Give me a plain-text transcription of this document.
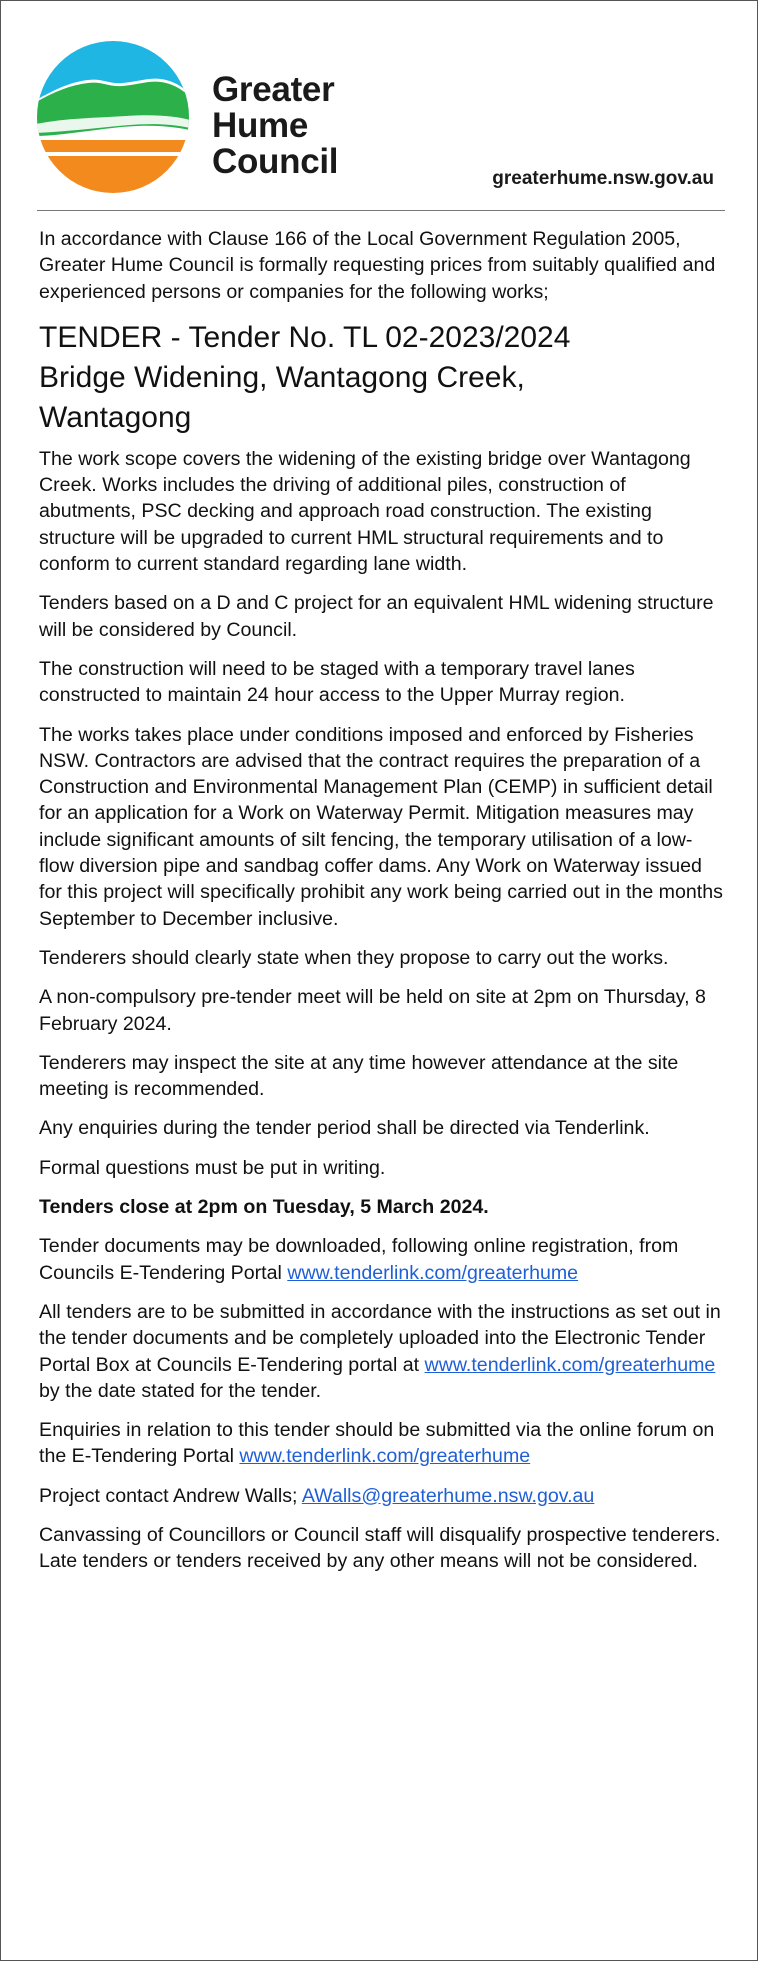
Greater
Hume
Council	greaterhume.nsw.gov.au

In accordance with Clause 166 of the Local Government Regulation 2005, Greater Hume Council is formally requesting prices from suitably qualified and experienced persons or companies for the following works;

TENDER - Tender No. TL 02-2023/2024
Bridge Widening, Wantagong Creek,
Wantagong

The work scope covers the widening of the existing bridge over Wantagong Creek. Works includes the driving of additional piles, construction of abutments, PSC decking and approach road construction. The existing structure will be upgraded to current HML structural requirements and to conform to current standard regarding lane width.

Tenders based on a D and C project for an equivalent HML widening structure will be considered by Council.

The construction will need to be staged with a temporary travel lanes constructed to maintain 24 hour access to the Upper Murray region.

The works takes place under conditions imposed and enforced by Fisheries NSW. Contractors are advised that the contract requires the preparation of a Construction and Environmental Management Plan (CEMP) in sufficient detail for an application for a Work on Waterway Permit. Mitigation measures may include significant amounts of silt fencing, the temporary utilisation of a low-flow diversion pipe and sandbag coffer dams. Any Work on Waterway issued for this project will specifically prohibit any work being carried out in the months September to December inclusive.

Tenderers should clearly state when they propose to carry out the works.

A non-compulsory pre-tender meet will be held on site at 2pm on Thursday, 8 February 2024.

Tenderers may inspect the site at any time however attendance at the site meeting is recommended.

Any enquiries during the tender period shall be directed via Tenderlink.

Formal questions must be put in writing.

Tenders close at 2pm on Tuesday, 5 March 2024.

Tender documents may be downloaded, following online registration, from Councils E-Tendering Portal www.tenderlink.com/greaterhume

All tenders are to be submitted in accordance with the instructions as set out in the tender documents and be completely uploaded into the Electronic Tender Portal Box at Councils E-Tendering portal at www.tenderlink.com/greaterhume by the date stated for the tender.

Enquiries in relation to this tender should be submitted via the online forum on the E-Tendering Portal www.tenderlink.com/greaterhume

Project contact Andrew Walls; AWalls@greaterhume.nsw.gov.au

Canvassing of Councillors or Council staff will disqualify prospective tenderers. Late tenders or tenders received by any other means will not be considered.
